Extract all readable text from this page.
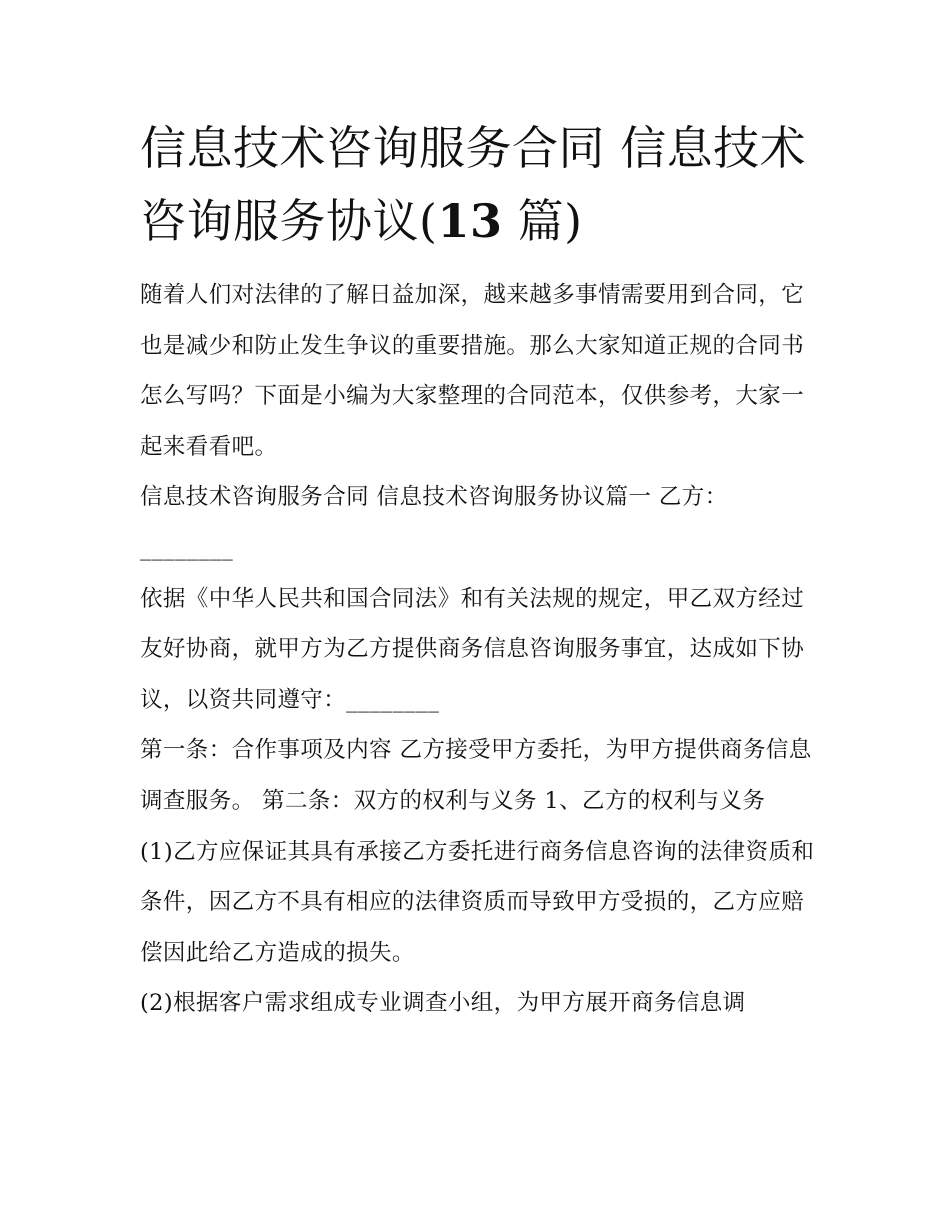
信息技术咨询服务合同 信息技术咨询服务协议(13 篇)

随着人们对法律的了解日益加深，越来越多事情需要用到合同，它也是减少和防止发生争议的重要措施。那么大家知道正规的合同书怎么写吗？下面是小编为大家整理的合同范本，仅供参考，大家一起来看看吧。

信息技术咨询服务合同 信息技术咨询服务协议篇一 乙方：

________

依据《中华人民共和国合同法》和有关法规的规定，甲乙双方经过友好协商，就甲方为乙方提供商务信息咨询服务事宜，达成如下协议，以资共同遵守：________

第一条：合作事项及内容 乙方接受甲方委托，为甲方提供商务信息调查服务。 第二条：双方的权利与义务 1、乙方的权利与义务

(1)乙方应保证其具有承接乙方委托进行商务信息咨询的法律资质和条件，因乙方不具有相应的法律资质而导致甲方受损的，乙方应赔偿因此给乙方造成的损失。

(2)根据客户需求组成专业调查小组，为甲方展开商务信息调
